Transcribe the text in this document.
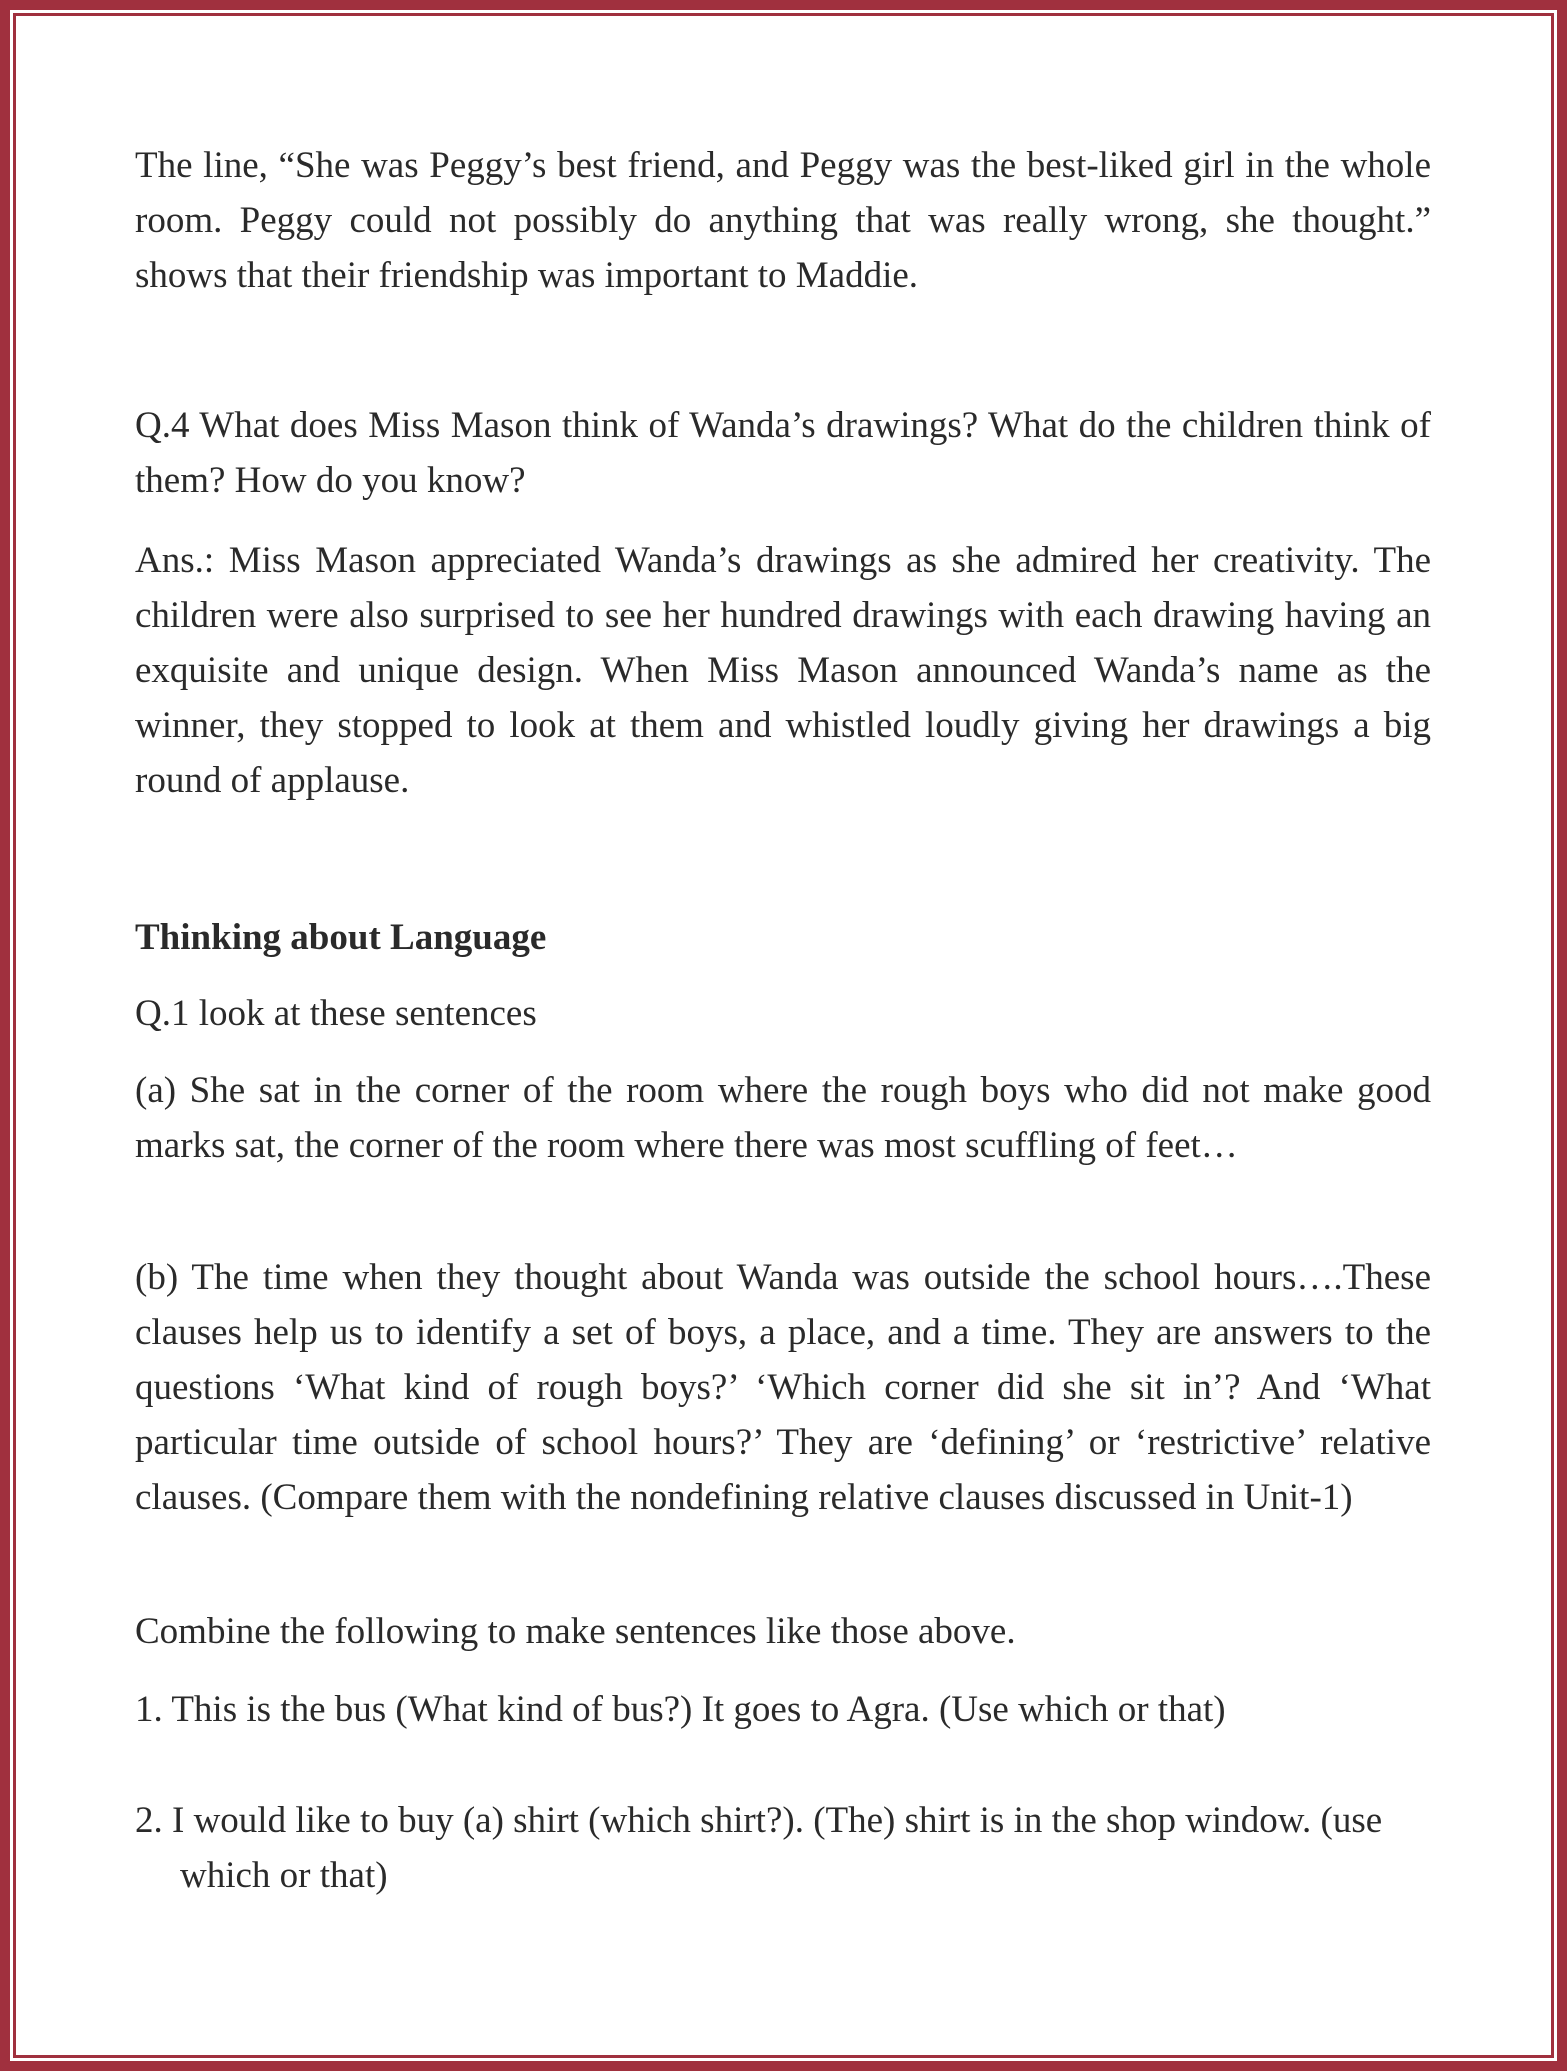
The line, “She was Peggy’s best friend, and Peggy was the best-liked girl in the whole room. Peggy could not possibly do anything that was really wrong, she thought.” shows that their friendship was important to Maddie.

Q.4 What does Miss Mason think of Wanda’s drawings? What do the children think of them? How do you know?

Ans.: Miss Mason appreciated Wanda’s drawings as she admired her creativity. The children were also surprised to see her hundred drawings with each drawing having an exquisite and unique design. When Miss Mason announced Wanda’s name as the winner, they stopped to look at them and whistled loudly giving her drawings a big round of applause.

Thinking about Language

Q.1 look at these sentences

(a) She sat in the corner of the room where the rough boys who did not make good marks sat, the corner of the room where there was most scuffling of feet…

(b) The time when they thought about Wanda was outside the school hours….These clauses help us to identify a set of boys, a place, and a time. They are answers to the questions ‘What kind of rough boys?’ ‘Which corner did she sit in’? And ‘What particular time outside of school hours?’ They are ‘defining’ or ‘restrictive’ relative clauses. (Compare them with the nondefining relative clauses discussed in Unit-1)

Combine the following to make sentences like those above.

1. This is the bus (What kind of bus?) It goes to Agra. (Use which or that)

2. I would like to buy (a) shirt (which shirt?). (The) shirt is in the shop window. (use which or that)
